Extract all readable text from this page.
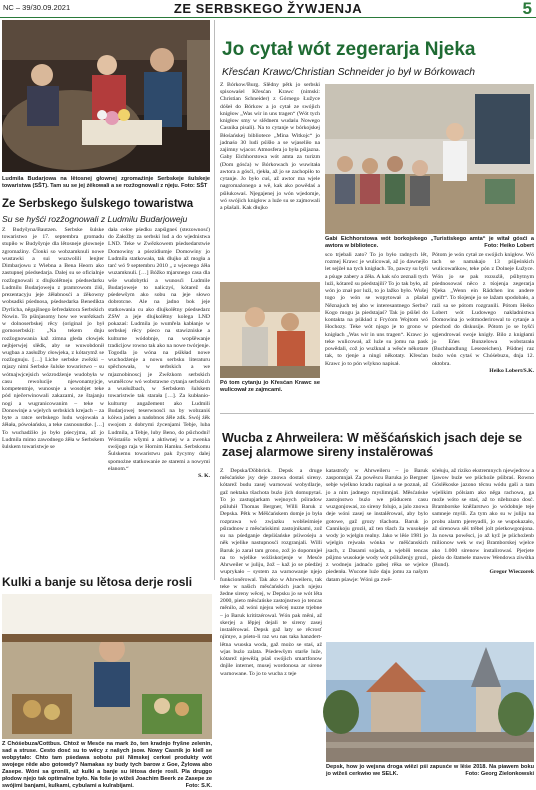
NC – 39/30.09.2021	ZE SERBSKEGO ŽYWJENJA	5
Ludmila Budarjowa na lětosnej głownej zgromaźinje Serbskeje šulskeje towaristwa (SŠT). Tam su se jej źěkowali a se rozžognowali z njeju. Foto: SŠT
Ze Serbskego šulskego towaristwa
Su se hyšći rozžognowali z Ludmilu Budarjoweju
Z Budyšyna/Bautzen. Serbske šulske towaristwo je 17. septembra gromadu stupiło w Budyšynje dla lětosneje głowneje zgromaźiny. Člonki so wobzamknuli nowe wustawki a sui wuzwolili lenjter Dimbarjowu z Wiebna a Bena Heorn ako zastupnej pśedsedarja. Dalej su se oficialnje rozžognowali z dlujkolětneju pśedsedarku Ludmilu Budarjoweju z pramrowom źiśi, prezentacyju jeje źěłabnosći a źěkowny wobsadki pśednosa, pśedsedarka Benedikta Dyrlicha, něgajšnego šefredaktora Serbskich Nowin. To pśinjasomy how we wurězkach w dolnoserbskej rěcy (original jo był gornoserbski): „Na tekem dnju rozžognowaniа kaž zimna gleda cłowjek nejbjerwjej slědk, aby se wuwobdonił wugbaa a zasłužby cłowjeka, z kótarymž se rozžognuju. […] Liche serbske zwězki – mjazy nimi Serbske šulske towaristwo – su wótnajwjcejsich wózrodźenje wudobyła w casu rewolucije njewonamyjcje, kompetentnje, wunosnje a wosobjet teke pód nječerwinowali zakazami, ze štajanju nogi a wugranicowanim – teke w Donowinje a wjelych serbskich krejach – za byte a ratce serbskego ludu wojowała a źěłała, pówołańsku, a teke casnounstke. […] To wuchadźiło jo było pśecyjma, až jo Ludmila mimo zawodnego źěła w Serbskem šulskem towaristwje se
dała cełoe pśedku zapśigneś (stezownosć) do Załožby za serbski lud a do wjednistwa LND. Teke w Zwězkowem pśedsedarstwie Domowiny a pśezidiumje Domowiny jo Ludmila statkowała, tak dlujko až mogła a tarć wó 9 septembru 2010 „ z wjeceego źěła wuzamknuli. […] Bóžko mjarsnego casa dla wše wudobytki a wunosći Ludmile Budarjoweje to naliczyś, kótarež da pśedewšym ako sobu na jeje słowo dobrotcne. Ale na jadno bok jeje statkowania cu ako dlujkolětny pśedsedarz ZSW a jeje dlujkolětny kolega LND pokazaś: Ludmila jo wumřela kabłanje w serbskej rěcy pśeco na stawizniske a kulturne wódobnje, na wopšěwanje tradicijow rowno tak ako na nowe twórjenje. Togodla jo wóna na pśikład nowe wuchodźenje a nowu serbsku literaturu spěchowała, w serbskich a we mjaznobinoscj je Zwězkom serbskich wumělcow wó wobstawne cytanja serbskich a wusłužbach, w Serbskem šulskem towaristwie tak starała […]. Za kubłanio-kulturny angažement ako Ludmili Budarjowej teserwnosći na by wobzaniś kóiwa jaden a nadobnos źěle zdk. Swój źěk swojom z dobrymi źycenjami Tebje, luba Ludmila, a Tebje, luby Beno, do pśichodní! Wóstańšo wšymi a aktiwnej w a zwenka swójogo raja w Hornim Hamku. Serbskomu Šulskemu towaristwu pak žycymy dalej spomożne statkowanie ze staremi a nowymi elanom.“
S. K.
Jo cytał wót zegerarja Njeka
Křesćan Krawc/Christian Schneider jo był w Bórkowach
Z Bórkow/Burg. Slědny pětk jo serbski spisowaśel Křesćan Krawc (nimski: Christian Schneider) z Górnego Łužyce dóšeł do Bórkow a jo cytał ze swójich knigłow „Was wir in uns tragen“ (Wót tych knigłow smy w slědnem wudaśu Nowego Casnika pisali). Na to cytanje w bórkojskej Błośańskej bibliotece „Mina Witkojc“ jo jadnaśo 30 ludi pśišło a se wjaseliło na zajimny wjacor. Atmosfera jo była pśijazna. Gaby Eichhorstowa wót amta za turizm (Dom gósća) w Bórkowach jo wuwitała awtora a gósći, rjekła, až jo se zachopiło to cytanje. Jo było cuś, až awtor ma wjele nagromaźonego a wě, kak ako powědaś a pśiłukowaś. Njegajenej jo wón wjedomje, wó swójich knigłow a luźe su se zajmowali a pšašali. Kak dłujko
Pó tom cytanju jo Křesćan Krawc se wulicował ze zajmcami.
Gabi Eichhorstowa wót borkojskego „Turistiskego amta“ je witał gósći a awtora w bibliotece.	Foto: Heiko Lobert
sco trjebali zato? To jo było radnych lět, rozmej Krawc je wulicował, až jo dawnejšo let sejźeł na tych knigłach. To, pawzy su byli a pśuge zabery a źěła. A kak sćo zeznali tych luźi, kótarež su pśedstajili? To jo tak było, až wón jo znał por luźi, to jo lažko było. Wušej togo jo wón se wopytował a pšašał Něznajuch tej abo w interesantnego Serbu? Kogo mogu ja piedstajaś? Tak jo pśišel do kontakta na pśikład z Fryćom Wojtom wó Hochozy. Teke wót njogo je to grono w knigłach „Was wir in uns tragen“. Krawc jo teke wulicował, až luźe su jomu na pask powědali, což jo wuźknal a wěsće někotare tak, to rjenje a ningi někotaty. Křesćan Krawc jo to pón wšykno napisał.
Pótom je wón cytał ze swójich knigłow. Wó tach se namakajo 13 pśijeśnkich wulicowańkow, teke pón z Dolneje Łužyce. Wón jo se pak rozsuźił, pśibytnym pśednosowaś něco z tśojenja zegerarja Njeka „Wenn ein Rädchen ins andere greift“. To tšojenje jo se lažam spodobało, a raźi sa se pótom rozgranili. Pótom Heiko Lobert wót Ludowego nakladnistwa Domowina jo wótmoderirowal to cytanje a pśechod do diskusije. Pótom jo se hyšći sgjendrowaś swoje knigły. Bilo z knigłami jo Eńes Bunzelowa wobstarała (Buchhandlung Lesezeichen). Pśidnej raz bużo wón cytaś w Chóśebuzu, dnja 12. oktobra.
Heiko Lobert/S.K.
Wucba z Ahrweilera: W měšćańskich jsach deje se zasej alarmowe sireny instalěrowaś
Z Depska/Döbbrick. Depsk a druge měsćańske jsy deje znowa dostaś sireny. kótarež budu zasej warnowaś wobydlarje, gaž nektaka tšachota buźo jich domupytaś. To jo zastupjarkam wejnoych pśiradow pśiluhił Thomas Bergner, Willi Baruk z Depska. Pětk w Měšćańskem domje jo była rozprawa wó zwjazku wobšeśmieje pśiradnow z měsćańskimi zastojnikami, zož su na pśedganje depśiśańske pśiwośeju a něk wjelike nastupnosći rozgranjali. Willi Baruk jo zarał tam grono, zož jo dopomnjeł na to wjelike wóźiskorjenje w Mesće Ahrweiler w juliju, žož – kaž jo se pśedźej wuprykało – system za warnowanje njejo funkcioněrowal. Tak ako w Ahrweileru, tak teke w našich měsćańskich jsach njejsu žedne sireny wěcej, w Depsku jo se wót lěta 2000, pieto měsćańske zastojnstwo jo tencas měnilo, až wóni njejsu wěcej nuzne trjebne – jo Baruk krititzérowal. Wón pak měni, až skerjej a lěpjej dejali te sireny zasej instalěrowaś. Depsk gaž laty se rěcrosť njimye, a pśeto-li raz wu nas taka hanzdert-lětna wuoska woda, gaž możo se staś, až wjas buźo zalata. Pśedewšym starše luźe, kótarež njewěźą pśaš swójich smartfonow dnjile internet, musej wordonosa ar sirene warnowane. To jo to wucba z teje
katastrofy w Ahrweileru – jo Baruk zaspomnjał. Za powěscu Baruka jo Bergner sebje wjelkno kradu napisał a se poznał, až jo a nim jadnego myslimnjaš. Měsćańske zastojnstwo buźo we pśiducem casu wuzgonjowaś, zo sireny folujo, a jalo znowa deje wóni zasej se instalěrowaś, aby bylo gotowe, gaž grozy tšachota. Baruk jo Cannikoju groził, až ten tšach ža wusokeje wody jo wjelgin realny. Jako w lěśe 1981 jo wjelgin rejwała wónka w měšćanskich jsach, z Dasami sojada, a wjebiłi tencas pśijmo wusokeje wody wót pśiluženjy grozi, z wodneju jadnaćo gabej rěka se wjelce piedenła. Wucone luźe daju jomu za našym datam pśawje: Wóni ga zwě-
sćełuju, až riziko ekstremnych njewjedrow a ljawow buźe we pśichoźe pśibraś. Rowno Góslěkoske jazono těcnu wódu gaši a tam wjelikim pólsiam ako něga rachowa, ga može wóto se staś, až to nžebzuzo dosć. Bramborske kněžarstwo jo wódobnje teje samneje myśli. Za tym ako su w juliju na probu alarm pjereyadli, jo se wupokazało, až sirenowa sěś trěbel jolt pśetkowgonjona. Ja nowsa powěsci, jo až kyž je pśichoźenb milionow wek w swj Bramborskej wjelce ako 1.000 sirenow instalirowaś. Pjerjete pieźo do štatnele mawow Wendowa ziwśtka (Bund).
Gregor Wieczorek
Depsk, how jo wejsna droga wiězi pśi zapusće w lěśe 2018. Na piawem boku jo wižeš cerkwiю we SELK.	Foto: Georg Zielonkowski
Kulki a banje su lětosa derje rosli
Z Chóśebuza/Cottbus. Chtož w Mesće na mark žo, ten kradnjo fryšne zelenin, sad a struse. Cesto dosć su to wěcy z našych jsow. Nowy Casnik jo kiell se wobpytało: Chto tam pśedawa sobotu pśi Nimskej cerkwi produkty wót swojege rěde abo gotowdy? Namakas sy budy tych barow z Goe, Żylowa abo Zasepe. Wóni sa gronili, až kulki a banje su lětosa derje rosli. Pla druggo płodow njejo tak optimalne było. Na foše jo wižeš Joachim Beerk ze Zasepe ze swójimi banjami, kulkami, cybulami a kulrabijami.	Foto: S.K.
